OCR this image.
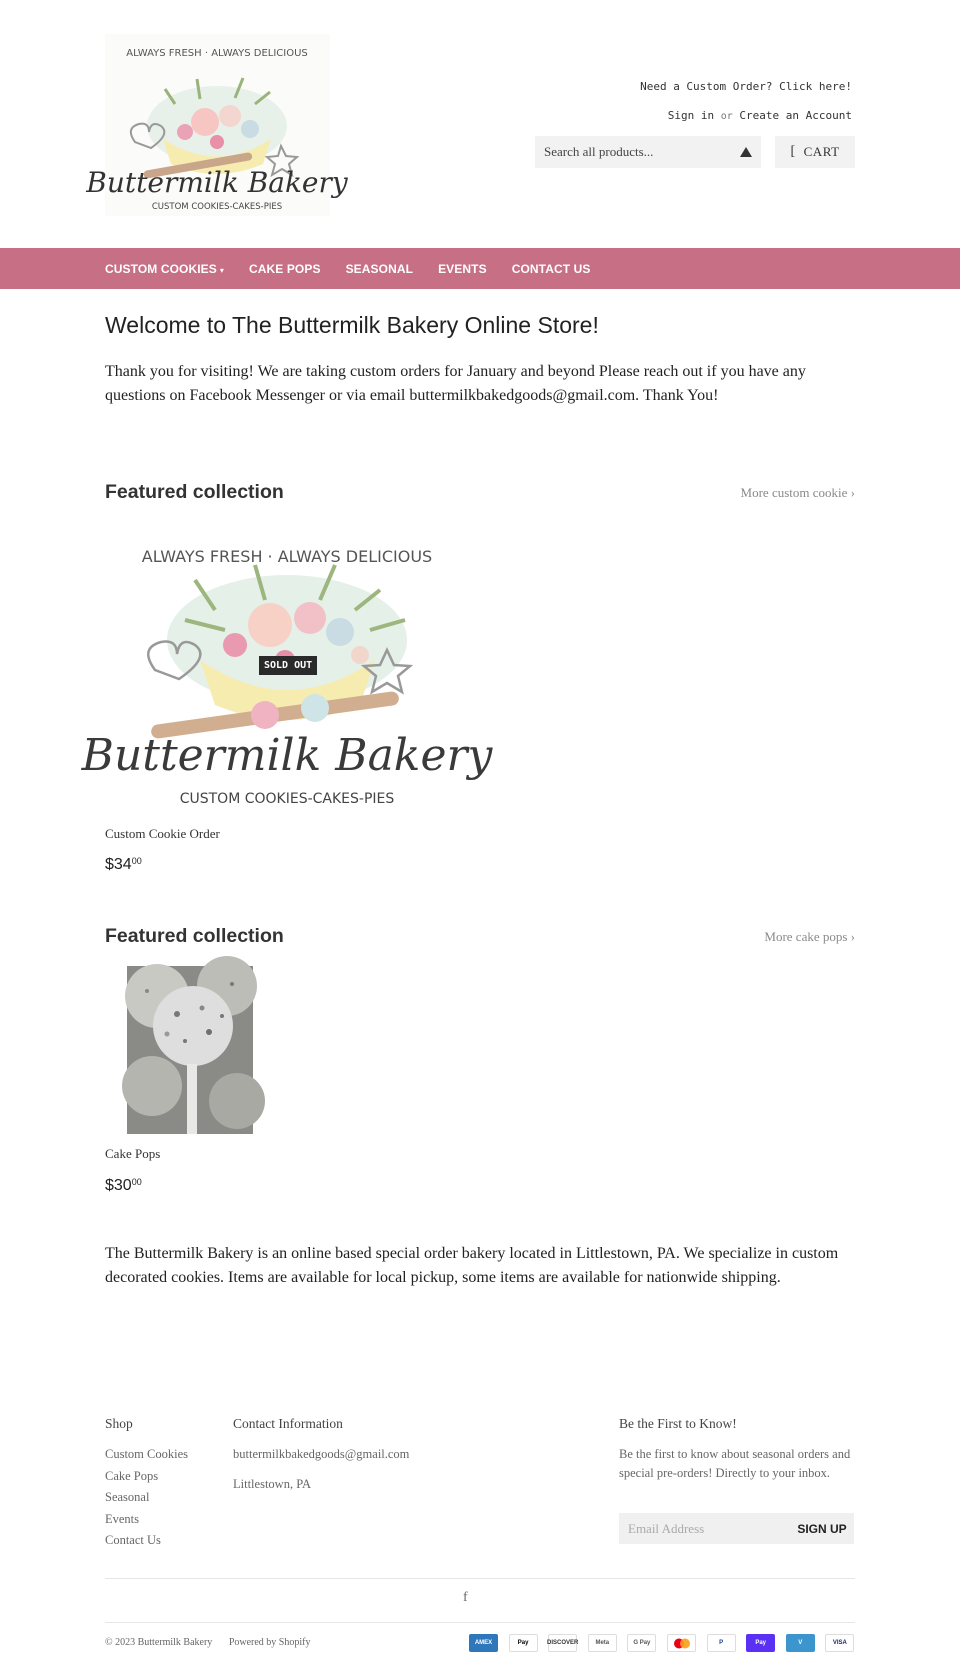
ALWAYS FRESH · ALWAYS DELICIOUS
Buttermilk Bakery
CUSTOM COOKIES-CAKES-PIES
Need a Custom Order? Click here!
Sign in or Create an Account
Search all products...
[ CART
CUSTOM COOKIES ▾ CAKE POPS SEASONAL EVENTS CONTACT US
Welcome to The Buttermilk Bakery Online Store!

Thank you for visiting! We are taking custom orders for January and beyond Please reach out if you have any questions on Facebook Messenger or via email buttermilkbakedgoods@gmail.com. Thank You!

Featured collection	More custom cookie ›
ALWAYS FRESH · ALWAYS DELICIOUS
Buttermilk Bakery
CUSTOM COOKIES-CAKES-PIES
SOLD OUT
Custom Cookie Order
$\$34^{00}$
Featured collection	More cake pops ›
Cake Pops
$\$30^{00}$

The Buttermilk Bakery is an online based special order bakery located in Littlestown, PA. We specialize in custom decorated cookies. Items are available for local pickup, some items are available for nationwide shipping.

Shop
Custom Cookies
Cake Pops
Seasonal
Events
Contact Us
Contact Information
buttermilkbakedgoods@gmail.com
Littlestown, PA
Be the First to Know!

Be the first to know about seasonal orders and special pre-orders! Directly to your inbox.

Email Address
SIGN UP
f
© 2023 Buttermilk Bakery Powered by Shopify	AMEX	Pay	DISCOVER	Meta	G Pay	P	Pay	V	VISA
